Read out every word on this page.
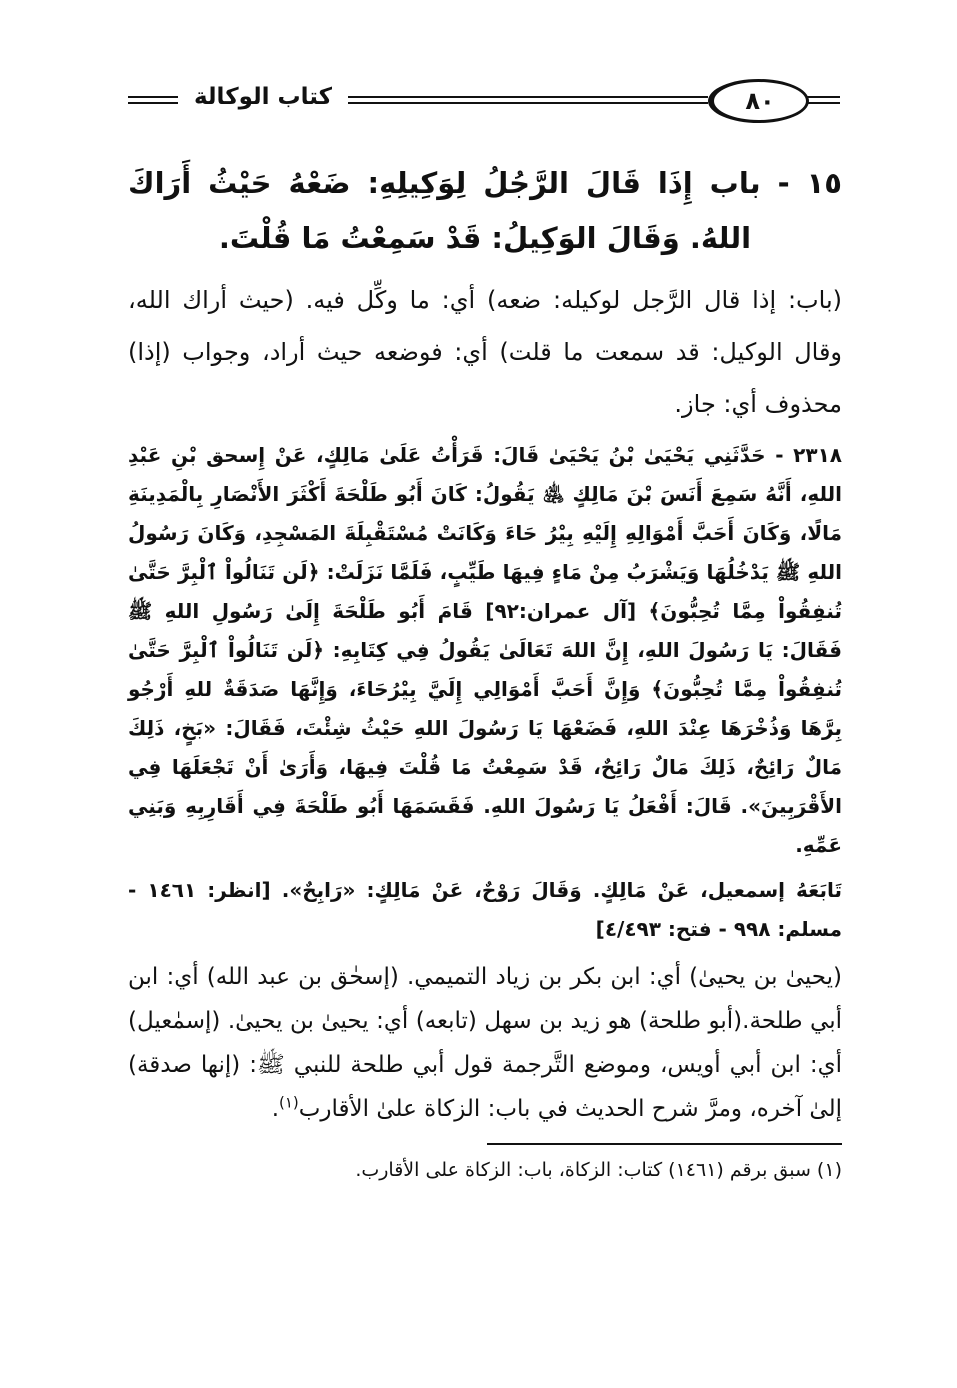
كتاب الوكالة	٨٠
١٥ - باب إِذَا قَالَ الرَّجُلُ لِوَكِيلِهِ: ضَعْهُ حَيْثُ أَرَاكَ اللهُ. وَقَالَ الوَكِيلُ: قَدْ سَمِعْتُ مَا قُلْتَ.

(باب: إذا قال الرَّجل لوكيله: ضعه) أي: ما وكِّل فيه. (حيث أراك الله، وقال الوكيل: قد سمعت ما قلت) أي: فوضعه حيث أراد، وجواب (إذا) محذوف أي: جاز.

٢٣١٨ - حَدَّثَنِي يَحْيَىٰ بْنُ يَحْيَىٰ قَالَ: قَرَأْتُ عَلَىٰ مَالِكٍ، عَنْ إِسحق بْنِ عَبْدِ اللهِ، أَنَّهُ سَمِعَ أَنَسَ بْنَ مَالِكٍ ﵁ يَقُولُ: كَانَ أَبُو طَلْحَةَ أَكْثَرَ الأَنْصَارِ بِالْمَدِينَةِ مَالًا، وَكَانَ أَحَبَّ أَمْوَالِهِ إِلَيْهِ بِيْرُ حَاءَ وَكَانَتْ مُسْتَقْبِلَةَ المَسْجِدِ، وَكَانَ رَسُولُ اللهِ ﷺ يَدْخُلُهَا وَيَشْرَبُ مِنْ مَاءٍ فِيهَا طَيِّبٍ، فَلَمَّا نَزَلَتْ: ﴿لَن تَنَالُواْ ٱلْبِرَّ حَتَّىٰ تُنفِقُواْ مِمَّا تُحِبُّونَ﴾ [آل عمران:٩٢] قَامَ أَبُو طَلْحَةَ إِلَىٰ رَسُولِ اللهِ ﷺ فَقَالَ: يَا رَسُولَ اللهِ، إِنَّ اللهَ تَعَالَىٰ يَقُولُ فِي كِتَابِهِ: ﴿لَن تَنَالُواْ ٱلْبِرَّ حَتَّىٰ تُنفِقُواْ مِمَّا تُحِبُّونَ﴾ وَإِنَّ أَحَبَّ أَمْوَالِي إِلَيَّ بِيْرُحَاءَ، وَإِنَّهَا صَدَقَةٌ للهِ أَرْجُو بِرَّهَا وَذُخْرَهَا عِنْدَ اللهِ، فَضَعْهَا يَا رَسُولَ اللهِ حَيْثُ شِئْتَ، فَقَالَ: «بَخٍ، ذَلِكَ مَالٌ رَائِحٌ، ذَلِكَ مَالٌ رَائِحٌ، قَدْ سَمِعْتُ مَا قُلْتَ فِيهَا، وَأَرَىٰ أَنْ تَجْعَلَهَا فِي الأَقْرَبِينَ». قَالَ: أَفْعَلُ يَا رَسُولَ اللهِ. فَقَسَمَهَا أَبُو طَلْحَةَ فِي أَقَارِبِهِ وَبَنِي عَمِّهِ.

تَابَعَهُ إسمعيل، عَنْ مَالِكٍ. وَقَالَ رَوْحٌ، عَنْ مَالِكٍ: «رَابِحٌ». [انظر: ١٤٦١ - مسلم: ٩٩٨ - فتح: ٤/٤٩٣]

(يحيىٰ بن يحيىٰ) أي: ابن بكر بن زياد التميمي. (إسحٰق بن عبد الله) أي: ابن أبي طلحة.(أبو طلحة) هو زيد بن سهل (تابعه) أي: يحيىٰ بن يحيىٰ. (إسمٰعيل) أي: ابن أبي أويس، وموضع التَّرجمة قول أبي طلحة للنبي ﷺ: (إنها صدقة) إلىٰ آخره، ومرَّ شرح الحديث في باب: الزكاة علىٰ الأقارب$^{(١)}$.

(١) سبق برقم (١٤٦١) كتاب: الزكاة، باب: الزكاة على الأقارب.
